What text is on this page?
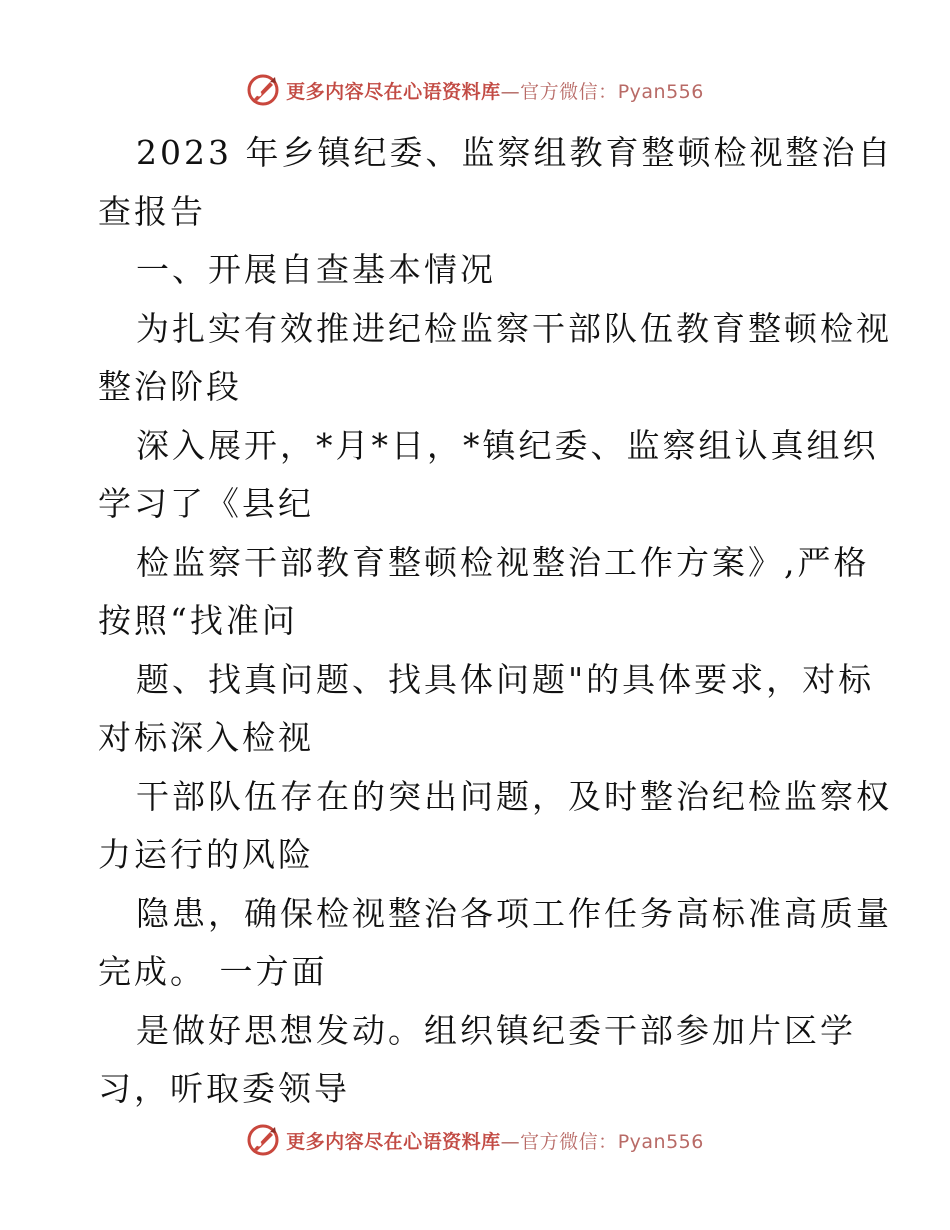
更多内容尽在心语资料库—官方微信：Pyan556
2023 年乡镇纪委、监察组教育整顿检视整治自
查报告
一、开展自查基本情况
为扎实有效推进纪检监察干部队伍教育整顿检视
整治阶段
深入展开，*月*日，*镇纪委、监察组认真组织
学习了《县纪
检监察干部教育整顿检视整治工作方案》,严格
按照“找准问
题、找真问题、找具体问题"的具体要求，对标
对标深入检视
干部队伍存在的突出问题，及时整治纪检监察权
力运行的风险
隐患，确保检视整治各项工作任务高标准高质量
完成。 一方面
是做好思想发动。组织镇纪委干部参加片区学
习，听取委领导
更多内容尽在心语资料库—官方微信：Pyan556
